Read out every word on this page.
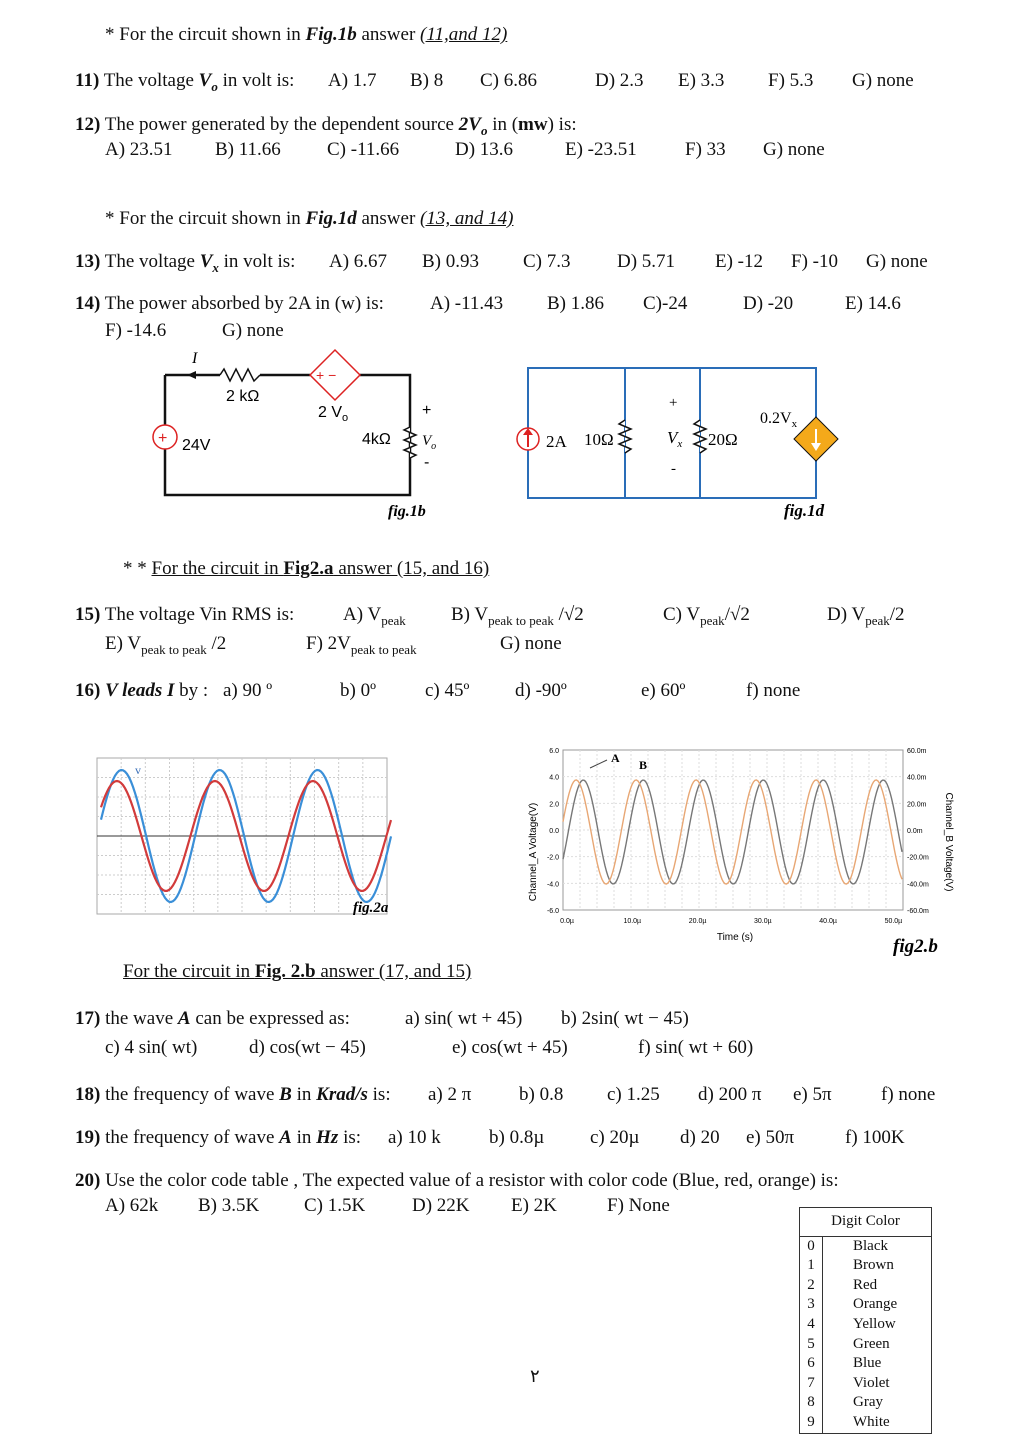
* For the circuit shown in Fig.1b answer (11,and 12)
11) The voltage $V_o$ in volt is: A) 1.7 B) 8 C) 6.86	D) 2.3 E) 3.3 F) 5.3 G) none
12) The power generated by the dependent source $2V_o$ in (mw) is:
A) 23.51 B) 11.66 C) -11.66	D) 13.6	E) -23.51	F) 33 G) none
* For the circuit shown in Fig.1d answer (13, and 14)
13) The voltage $V_x$ in volt is: A) 6.67 B) 0.93 C) 7.3 D) 5.71 E) -12 F) -10 G) none
14) The power absorbed by 2A in (w) is: A) -11.43 B) 1.86 C)-24	D) -20	E) 14.6
F) -14.6	G) none
I
2 kΩ
+ −
2 $V_o$
4kΩ
+
$V_o$
-
+ 24V
fig.1b
2A 10Ω
+
$V_x$
-
20Ω
$0.2V_x$
fig.1d
* * For the circuit in Fig2.a answer (15, and 16)
15) The voltage Vin RMS is:	A) $V_{peak}$ B) $V_{peak to peak}$ /√2	C) $V_{peak}/√2$	D) $V_{peak}/2$
E) $V_{peak to peak}$ /2	F) $2V_{peak to peak}$	G) none
16) V leads I by : a) 90 º	b) 0º	c) 45º d) -90º	e) 60º	f) none
v
fig.2a
6.0
4.0
2.0
0.0
-2.0
-4.0
-6.0
60.0m
40.0m
20.0m
0.0m
-20.0m
-40.0m
-60.0m
0.0µ	10.0µ	20.0µ	30.0µ	40.0µ	50.0µ
Channel_A Voltage(V)	Channel_B Voltage(V)
Time (s)
A B
fig2.b
For the circuit in Fig. 2.b answer (17, and 15)
17) the wave A can be expressed as:	a) sin( wt + 45) b) 2sin( wt − 45)
c) 4 sin( wt)	d) cos(wt − 45)	e) cos(wt + 45)	f) sin( wt + 60)
18) the frequency of wave B in Krad/s is: a) 2 π	b) 0.8 c) 1.25 d) 200 π e) 5π	f) none
19) the frequency of wave A in Hz is: a) 10 k	b) 0.8µ c) 20µ d) 20 e) 50π	f) 100K
20) Use the color code table , The expected value of a resistor with color code (Blue, red, orange) is:
A) 62k B) 3.5K C) 1.5K D) 22K E) 2K	F) None
Digit Color	
0	Black
1	Brown
2	Red
3	Orange
4	Yellow
5	Green
6	Blue
7	Violet
8	Gray
9	White
٢
